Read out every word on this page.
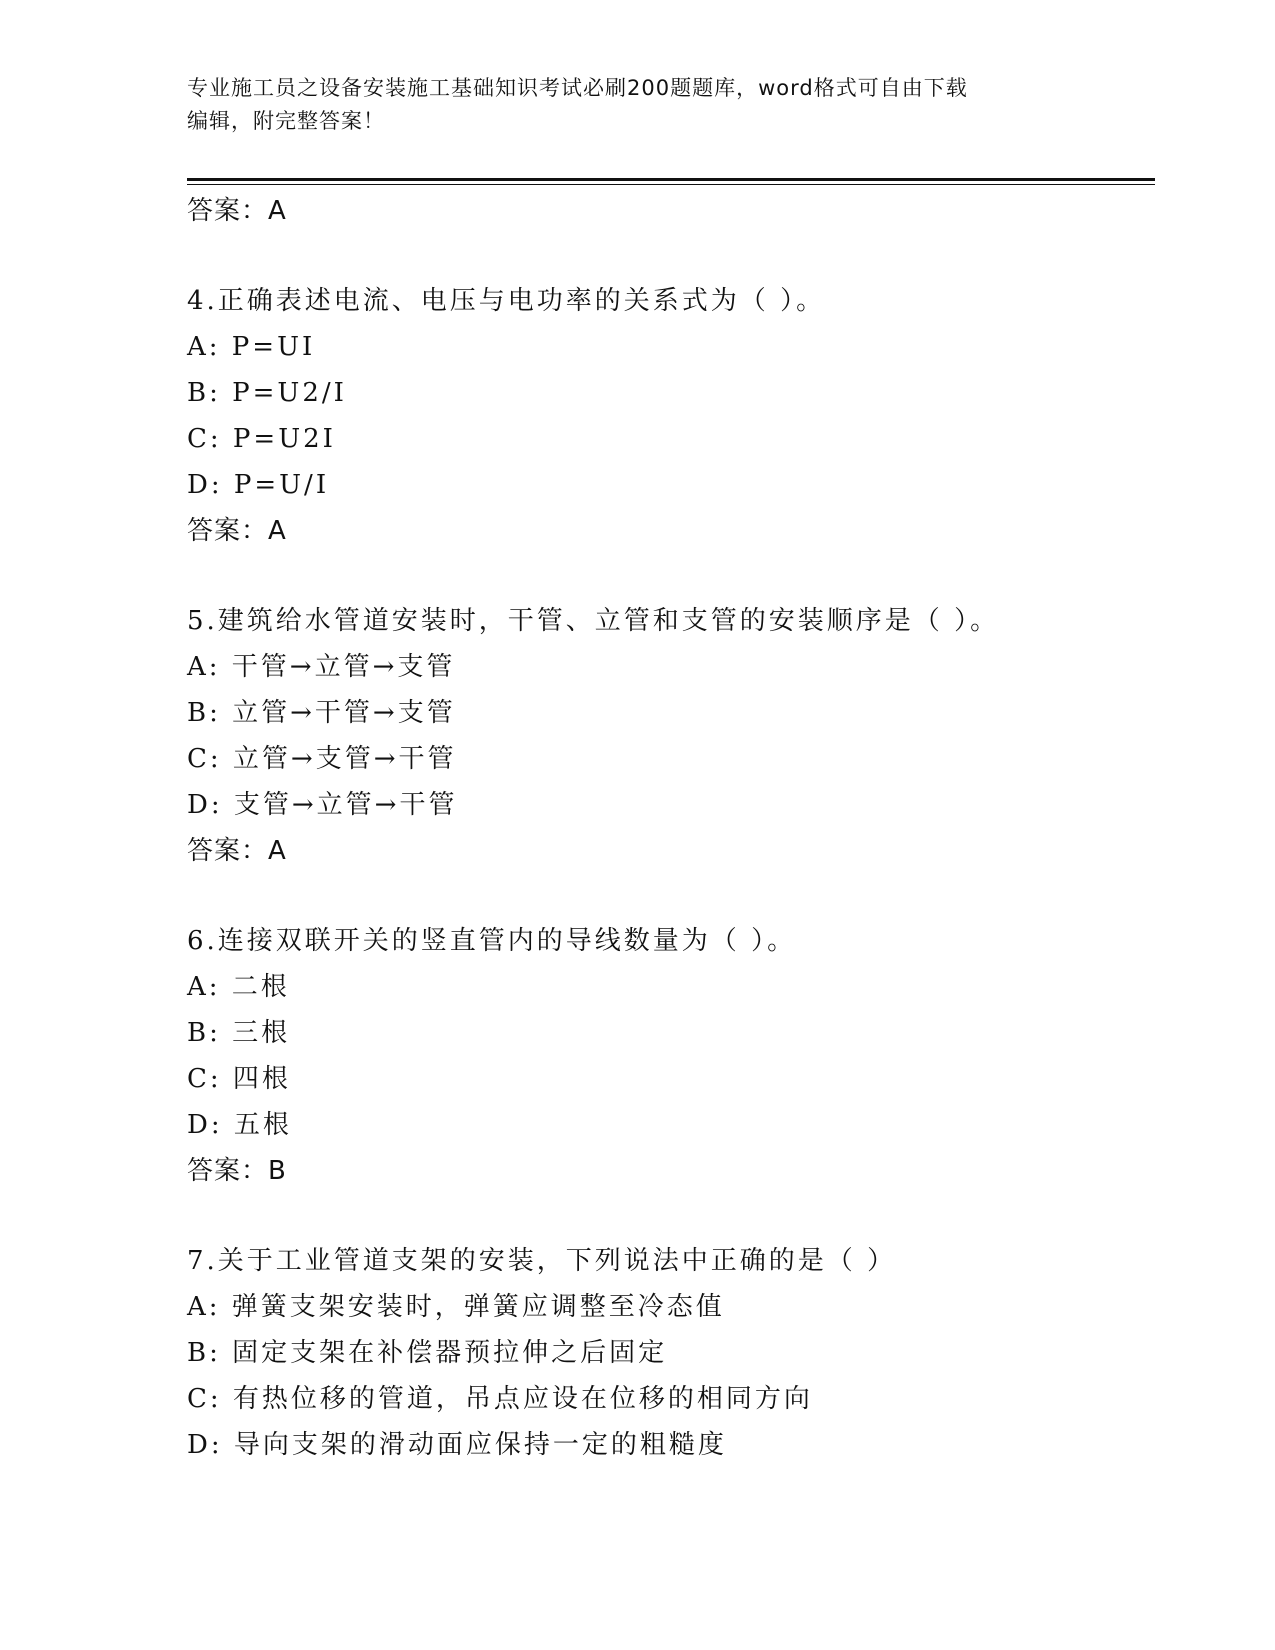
专业施工员之设备安装施工基础知识考试必刷200题题库，word格式可自由下载
编辑，附完整答案！
答案：A
4.正确表述电流、电压与电功率的关系式为（ ）。
A: P=UI
B: P=U2/I
C: P=U2I
D: P=U/I
答案：A
5.建筑给水管道安装时，干管、立管和支管的安装顺序是（ ）。
A: 干管→立管→支管
B: 立管→干管→支管
C: 立管→支管→干管
D: 支管→立管→干管
答案：A
6.连接双联开关的竖直管内的导线数量为（ ）。
A: 二根
B: 三根
C: 四根
D: 五根
答案：B
7.关于工业管道支架的安装，下列说法中正确的是（ ）
A: 弹簧支架安装时，弹簧应调整至冷态值
B: 固定支架在补偿器预拉伸之后固定
C: 有热位移的管道，吊点应设在位移的相同方向
D: 导向支架的滑动面应保持一定的粗糙度
